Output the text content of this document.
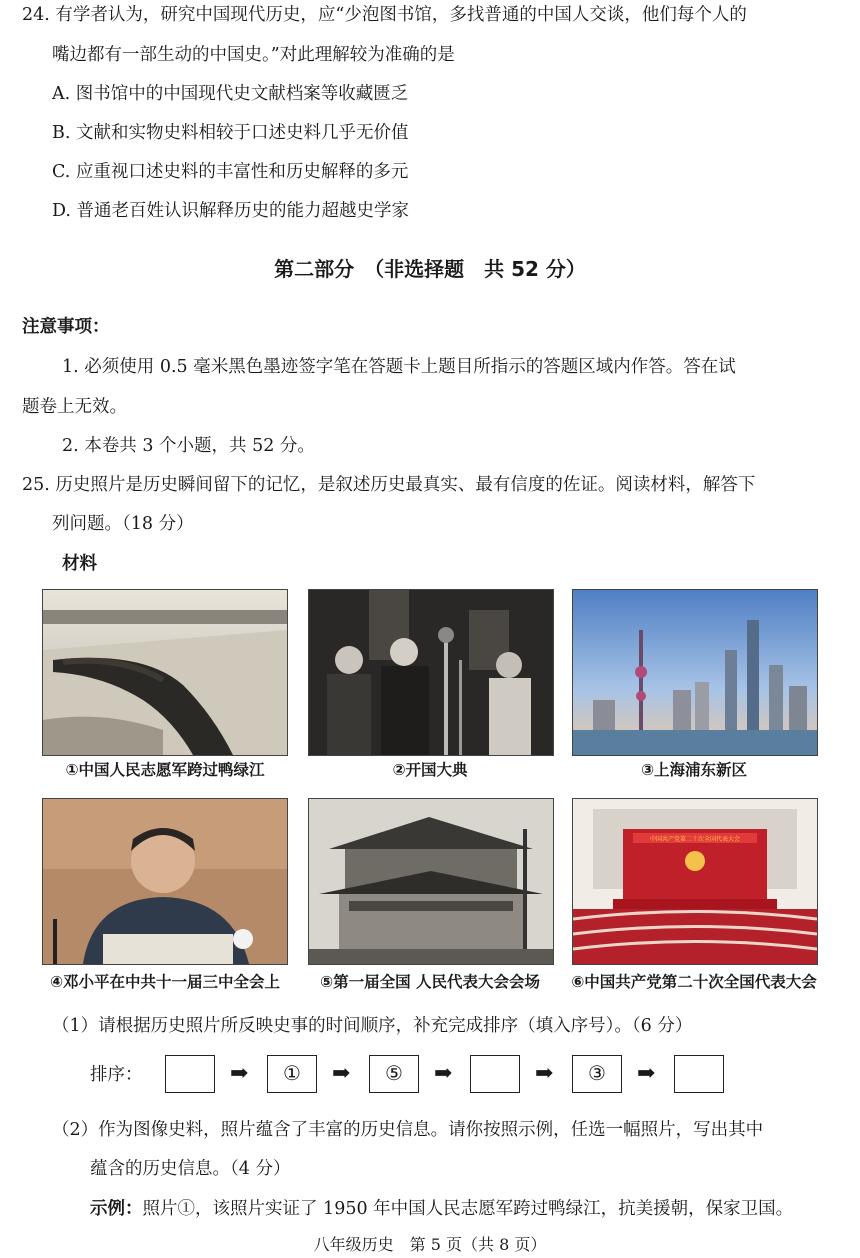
24. 有学者认为，研究中国现代历史，应“少泡图书馆，多找普通的中国人交谈，他们每个人的
嘴边都有一部生动的中国史。”对此理解较为准确的是
A. 图书馆中的中国现代史文献档案等收藏匮乏
B. 文献和实物史料相较于口述史料几乎无价值
C. 应重视口述史料的丰富性和历史解释的多元
D. 普通老百姓认识解释历史的能力超越史学家
第二部分　（非选择题　共 52 分）
注意事项：
1. 必须使用 0.5 毫米黑色墨迹签字笔在答题卡上题目所指示的答题区域内作答。答在试
题卷上无效。
2. 本卷共 3 个小题，共 52 分。
25. 历史照片是历史瞬间留下的记忆，是叙述历史最真实、最有信度的佐证。阅读材料，解答下
列问题。（18 分）
材料
①中国人民志愿军跨过鸭绿江	②开国大典	③上海浦东新区
中国共产党第二十次全国代表大会
④邓小平在中共十一届三中全会上	⑤第一届全国 人民代表大会会场	⑥中国共产党第二十次全国代表大会
（1）请根据历史照片所反映史事的时间顺序，补充完成排序（填入序号）。（6 分）
排序：	➡	①	➡	⑤	➡	➡	③	➡
（2）作为图像史料，照片蕴含了丰富的历史信息。请你按照示例，任选一幅照片，写出其中
蕴含的历史信息。（4 分）
示例：照片①，该照片实证了 1950 年中国人民志愿军跨过鸭绿江，抗美援朝，保家卫国。
八年级历史　第 5 页（共 8 页）
